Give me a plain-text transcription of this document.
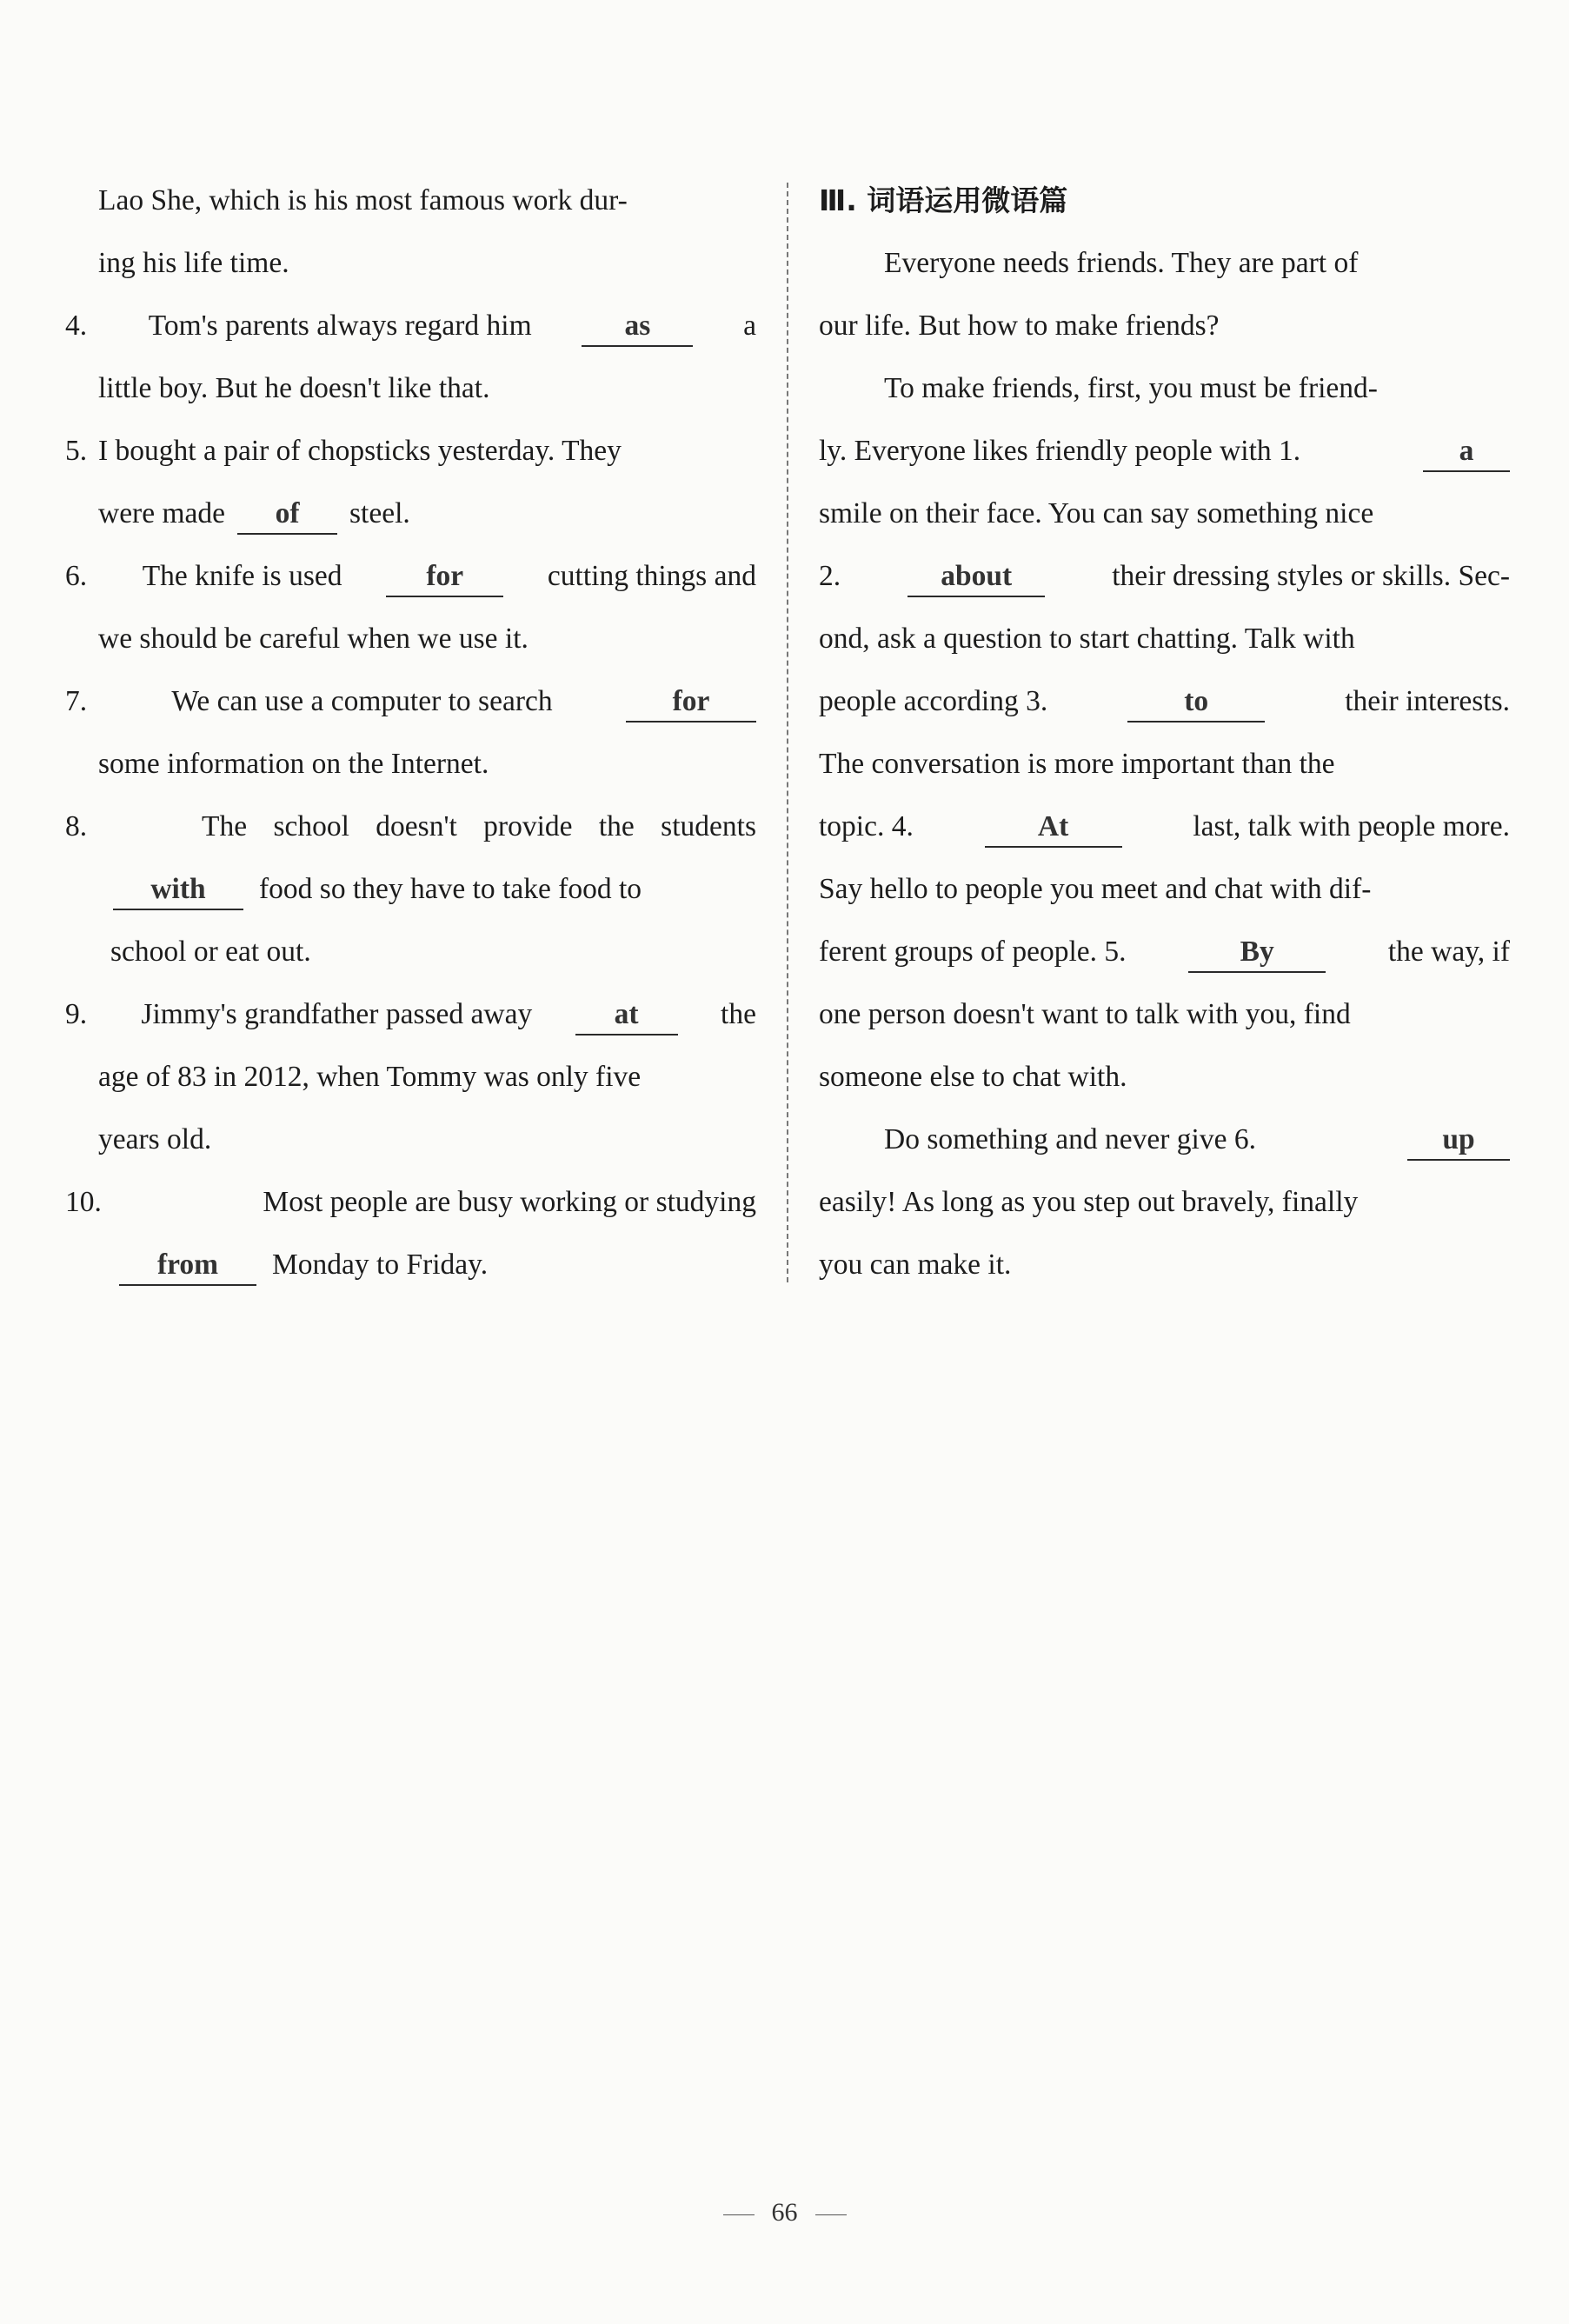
Lao She, which is his most famous work dur-
ing his life time.
4.	Tom's parents always regard him	as	a
little boy. But he doesn't like that.
5. I bought a pair of chopsticks yesterday. They
were made	of	steel.
6.	The knife is used	for	cutting things and
we should be careful when we use it.
7.	We can use a computer to search	for
some information on the Internet.
8.	The school doesn't provide the students
with	food so they have to take food to
school or eat out.
9.	Jimmy's grandfather passed away	at	the
age of 83 in 2012, when Tommy was only five
years old.
10.	Most people are busy working or studying
from	Monday to Friday.
Ⅲ. 词语运用微语篇
Everyone needs friends. They are part of
our life. But how to make friends?
To make friends, first, you must be friend-
ly. Everyone likes friendly people with 1.	a
smile on their face. You can say something nice
2.	about	their dressing styles or skills. Sec-
ond, ask a question to start chatting. Talk with
people according 3.	to	their interests.
The conversation is more important than the
topic. 4.	At	last, talk with people more.
Say hello to people you meet and chat with dif-
ferent groups of people. 5.	By	the way, if
one person doesn't want to talk with you, find
someone else to chat with.
Do something and never give 6.	up
easily! As long as you step out bravely, finally
you can make it.
66
